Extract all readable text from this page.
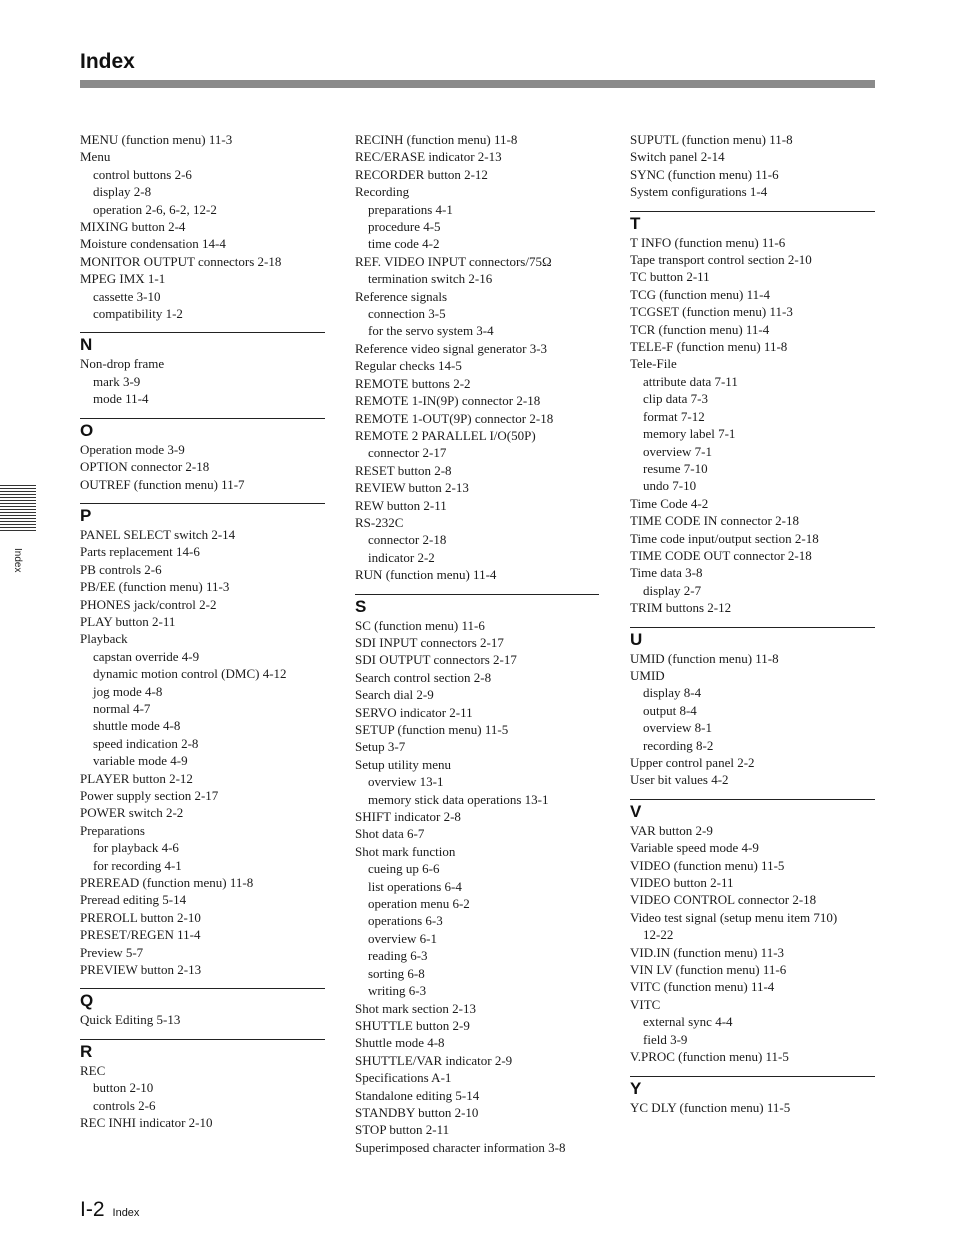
Index
MENU (function menu) 11-3
Menu
control buttons 2-6
display 2-8
operation 2-6, 6-2, 12-2
MIXING button 2-4
Moisture condensation 14-4
MONITOR OUTPUT connectors 2-18
MPEG IMX 1-1
cassette 3-10
compatibility 1-2
N
Non-drop frame
mark 3-9
mode 11-4
O
Operation mode 3-9
OPTION connector 2-18
OUTREF (function menu) 11-7
P
PANEL SELECT switch 2-14
Parts replacement 14-6
PB controls 2-6
PB/EE (function menu) 11-3
PHONES jack/control 2-2
PLAY button 2-11
Playback
capstan override 4-9
dynamic motion control (DMC) 4-12
jog mode 4-8
normal 4-7
shuttle mode 4-8
speed indication 2-8
variable mode 4-9
PLAYER button 2-12
Power supply section 2-17
POWER switch 2-2
Preparations
for playback 4-6
for recording 4-1
PREREAD (function menu) 11-8
Preread editing 5-14
PREROLL button 2-10
PRESET/REGEN 11-4
Preview 5-7
PREVIEW button 2-13
Q
Quick Editing 5-13
R
REC
button 2-10
controls 2-6
REC INHI indicator 2-10
RECINH (function menu) 11-8
REC/ERASE indicator 2-13
RECORDER button 2-12
Recording
preparations 4-1
procedure 4-5
time code 4-2
REF. VIDEO INPUT connectors/75Ω
termination switch 2-16
Reference signals
connection 3-5
for the servo system 3-4
Reference video signal generator 3-3
Regular checks 14-5
REMOTE buttons 2-2
REMOTE 1-IN(9P) connector 2-18
REMOTE 1-OUT(9P) connector 2-18
REMOTE 2 PARALLEL I/O(50P)
connector 2-17
RESET button 2-8
REVIEW button 2-13
REW button 2-11
RS-232C
connector 2-18
indicator 2-2
RUN (function menu) 11-4
S
SC (function menu) 11-6
SDI INPUT connectors 2-17
SDI OUTPUT connectors 2-17
Search control section 2-8
Search dial 2-9
SERVO indicator 2-11
SETUP (function menu) 11-5
Setup 3-7
Setup utility menu
overview 13-1
memory stick data operations 13-1
SHIFT indicator 2-8
Shot data 6-7
Shot mark function
cueing up 6-6
list operations 6-4
operation menu 6-2
operations 6-3
overview 6-1
reading 6-3
sorting 6-8
writing 6-3
Shot mark section 2-13
SHUTTLE button 2-9
Shuttle mode 4-8
SHUTTLE/VAR indicator 2-9
Specifications A-1
Standalone editing 5-14
STANDBY button 2-10
STOP button 2-11
Superimposed character information 3-8
SUPUTL (function menu) 11-8
Switch panel 2-14
SYNC (function menu) 11-6
System configurations 1-4
T
T INFO (function menu) 11-6
Tape transport control section 2-10
TC button 2-11
TCG (function menu) 11-4
TCGSET (function menu) 11-3
TCR (function menu) 11-4
TELE-F (function menu) 11-8
Tele-File
attribute data 7-11
clip data 7-3
format 7-12
memory label 7-1
overview 7-1
resume 7-10
undo 7-10
Time Code 4-2
TIME CODE IN connector 2-18
Time code input/output section 2-18
TIME CODE OUT connector 2-18
Time data 3-8
display 2-7
TRIM buttons 2-12
U
UMID (function menu) 11-8
UMID
display 8-4
output 8-4
overview 8-1
recording 8-2
Upper control panel 2-2
User bit values 4-2
V
VAR button 2-9
Variable speed mode 4-9
VIDEO (function menu) 11-5
VIDEO button 2-11
VIDEO CONTROL connector 2-18
Video test signal (setup menu item 710)
12-22
VID.IN (function menu) 11-3
VIN LV (function menu) 11-6
VITC (function menu) 11-4
VITC
external sync 4-4
field 3-9
V.PROC (function menu) 11-5
Y
YC DLY (function menu) 11-5
Index
I-2 Index
